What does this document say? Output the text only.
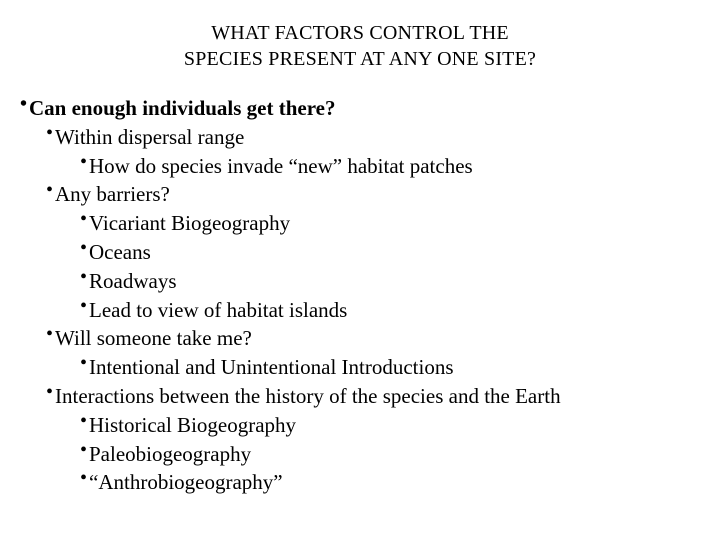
WHAT FACTORS CONTROL THE
SPECIES PRESENT AT ANY ONE SITE?
•Can enough individuals get there?
•Within dispersal range
•How do species invade “new” habitat patches
•Any barriers?
•Vicariant Biogeography
•Oceans
•Roadways
•Lead to view of habitat islands
•Will someone take me?
•Intentional and Unintentional Introductions
•Interactions between the history of the species and the Earth
•Historical Biogeography
•Paleobiogeography
•“Anthrobiogeography”
